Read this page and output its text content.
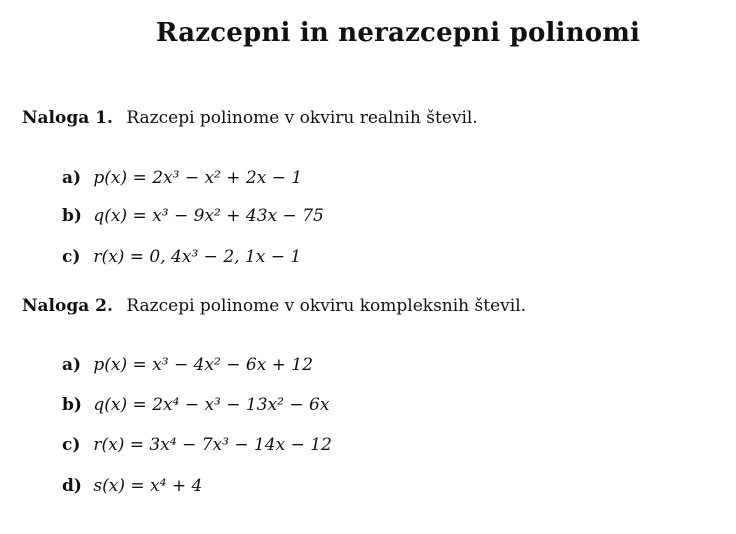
Razcepni in nerazcepni polinomi
Naloga 1. Razcepi polinome v okviru realnih števil.
a) p(x) = 2x³ − x² + 2x − 1
b) q(x) = x³ − 9x² + 43x − 75
c) r(x) = 0, 4x³ − 2, 1x − 1
Naloga 2. Razcepi polinome v okviru kompleksnih števil.
a) p(x) = x³ − 4x² − 6x + 12
b) q(x) = 2x⁴ − x³ − 13x² − 6x
c) r(x) = 3x⁴ − 7x³ − 14x − 12
d) s(x) = x⁴ + 4
